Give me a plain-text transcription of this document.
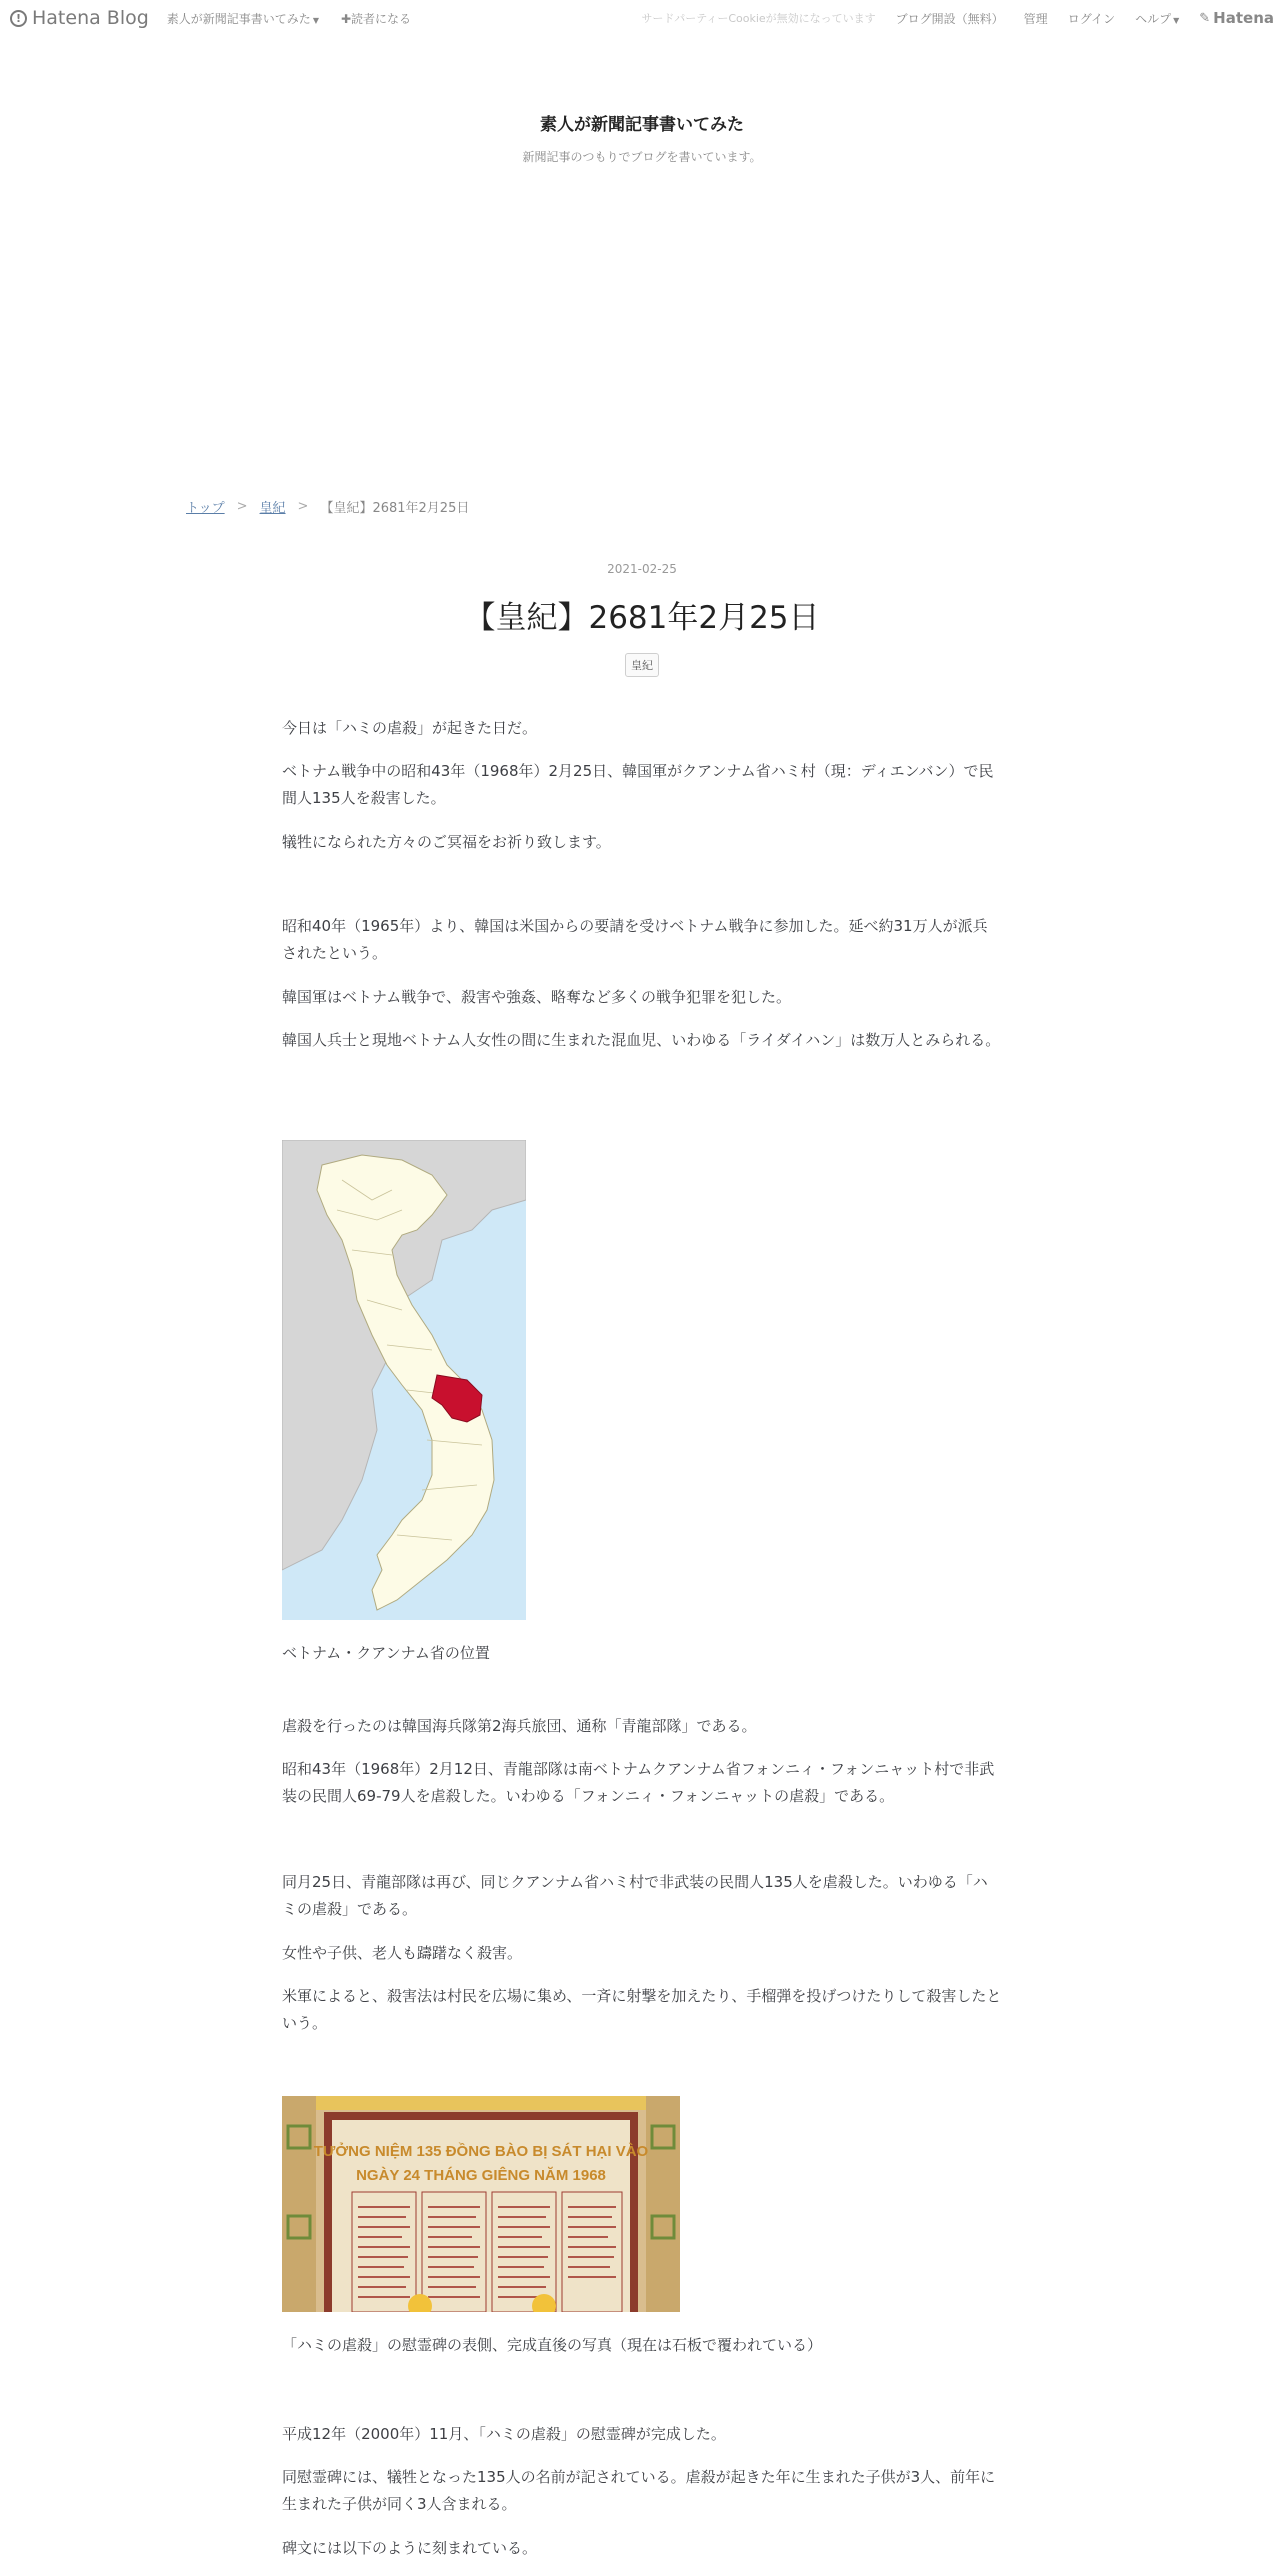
! Hatena Blog 素人が新聞記事書いてみた ▼ ✚読者になる	サードパーティーCookieが無効になっています ブログ開設（無料） 管理 ログイン ヘルプ ▼ ✎ Hatena
素人が新聞記事書いてみた
新聞記事のつもりでブログを書いています。
トップ > 皇紀 > 【皇紀】2681年2月25日
2021-02-25
【皇紀】2681年2月25日
皇紀

今日は「ハミの虐殺」が起きた日だ。

ベトナム戦争中の昭和43年（1968年）2月25日、韓国軍がクアンナム省ハミ村（現：ディエンバン）で民間人135人を殺害した。

犠牲になられた方々のご冥福をお祈り致します。

昭和40年（1965年）より、韓国は米国からの要請を受けベトナム戦争に参加した。延べ約31万人が派兵されたという。

韓国軍はベトナム戦争で、殺害や強姦、略奪など多くの戦争犯罪を犯した。

韓国人兵士と現地ベトナム人女性の間に生まれた混血児、いわゆる「ライダイハン」は数万人とみられる。

ベトナム・クアンナム省の位置

虐殺を行ったのは韓国海兵隊第2海兵旅団、通称「青龍部隊」である。

昭和43年（1968年）2月12日、青龍部隊は南ベトナムクアンナム省フォンニィ・フォンニャット村で非武装の民間人69-79人を虐殺した。いわゆる「フォンニィ・フォンニャットの虐殺」である。

同月25日、青龍部隊は再び、同じクアンナム省ハミ村で非武装の民間人135人を虐殺した。いわゆる「ハミの虐殺」である。

女性や子供、老人も躊躇なく殺害。

米軍によると、殺害法は村民を広場に集め、一斉に射撃を加えたり、手榴弾を投げつけたりして殺害したという。

TƯỞNG NIỆM 135 ĐỒNG BÀO BỊ SÁT HẠI VÀO
NGÀY 24 THÁNG GIÊNG NĂM 1968

「ハミの虐殺」の慰霊碑の表側、完成直後の写真（現在は石板で覆われている）

平成12年（2000年）11月、「ハミの虐殺」の慰霊碑が完成した。

同慰霊碑には、犠牲となった135人の名前が記されている。虐殺が起きた年に生まれた子供が3人、前年に生まれた子供が同く3人含まれる。

碑文には以下のように刻まれている。
